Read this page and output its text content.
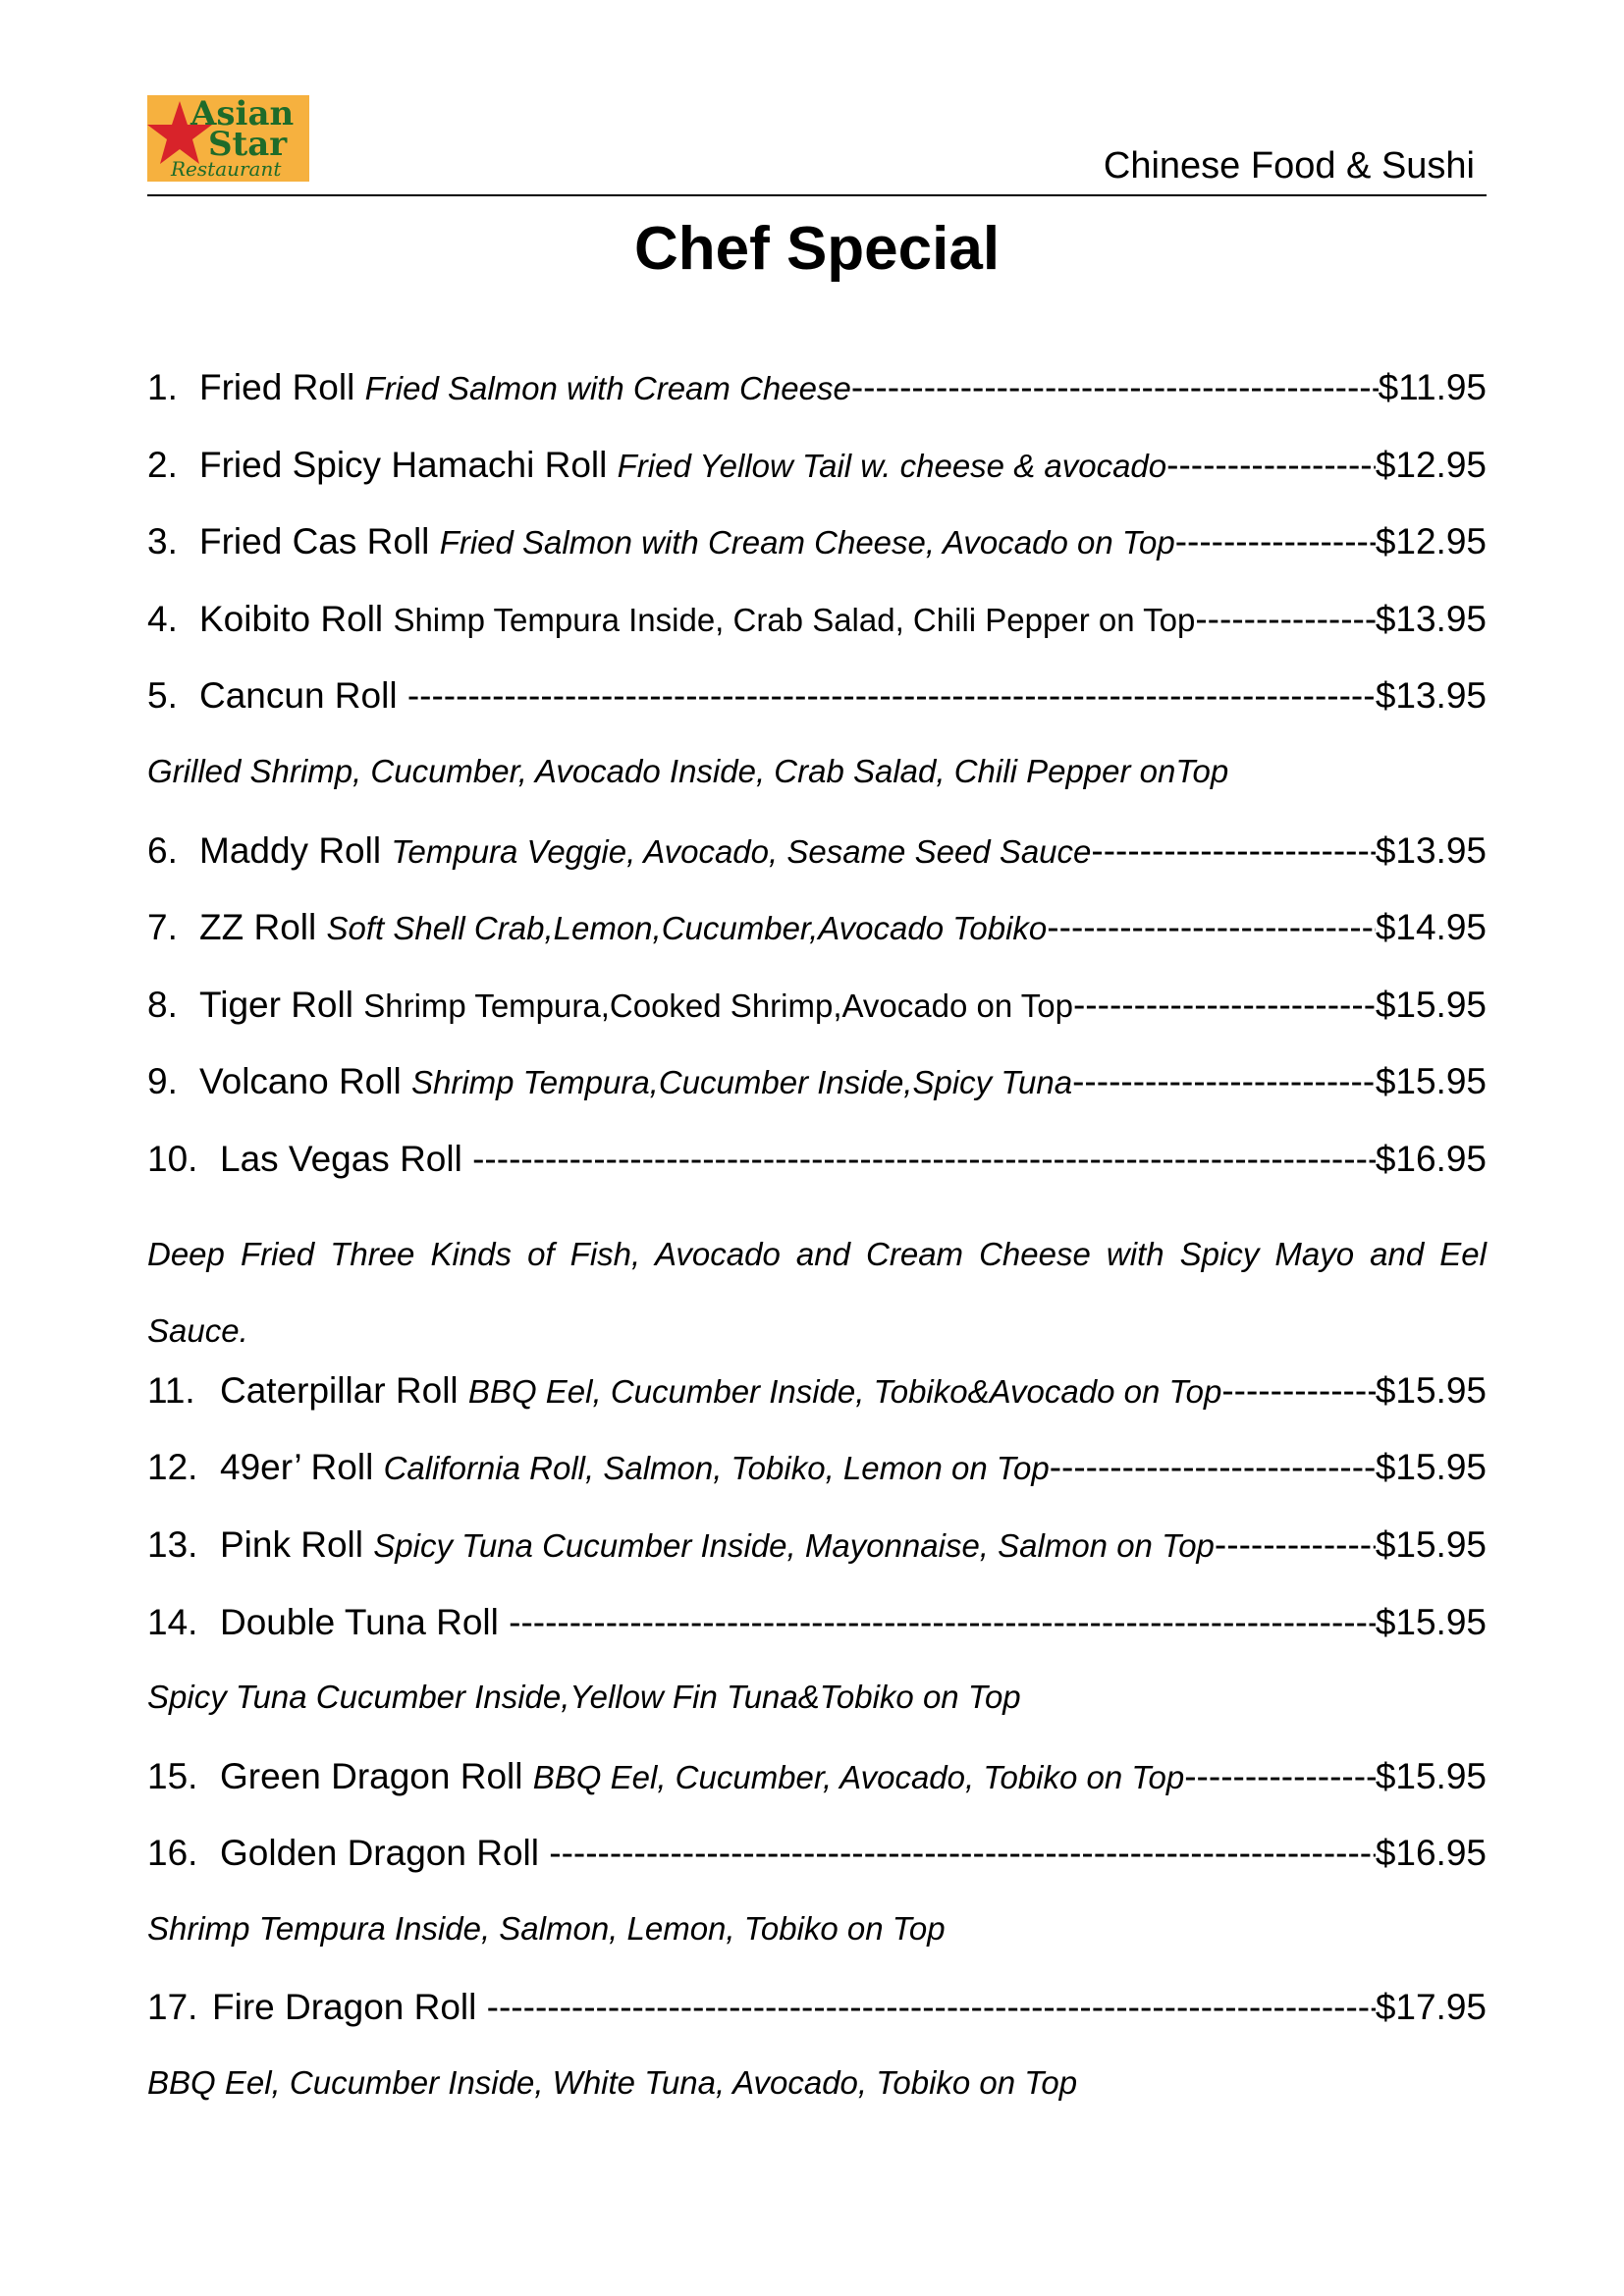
Asian
Star
Restaurant	Chinese Food & Sushi
Chef Special
1. Fried Roll
Fried Salmon with Cream Cheese -----	$11.95
2. Fried Spicy Hamachi Roll
Fried Yellow Tail w. cheese & avocado -----	$12.95
3. Fried Cas Roll
Fried Salmon with Cream Cheese, Avocado on Top -----	$12.95
4. Koibito Roll
Shimp Tempura Inside, Crab Salad, Chili Pepper on Top -----	$13.95
5. Cancun Roll
-----	$13.95
Grilled Shrimp, Cucumber, Avocado Inside, Crab Salad, Chili Pepper onTop
6. Maddy Roll
Tempura Veggie, Avocado, Sesame Seed Sauce -----	$13.95
7. ZZ Roll
Soft Shell Crab,Lemon,Cucumber,Avocado Tobiko -----	$14.95
8. Tiger Roll
Shrimp Tempura,Cooked Shrimp,Avocado on Top -----	$15.95
9. Volcano Roll
Shrimp Tempura,Cucumber Inside,Spicy Tuna -----	$15.95
10. Las Vegas Roll
-----	$16.95
Deep Fried Three Kinds of Fish, Avocado and Cream Cheese with Spicy Mayo and Eel Sauce.
11. Caterpillar Roll
BBQ Eel, Cucumber Inside, Tobiko&Avocado on Top -----	$15.95
12. 49er’ Roll
California Roll, Salmon, Tobiko, Lemon on Top -----	$15.95
13. Pink Roll
Spicy Tuna Cucumber Inside, Mayonnaise, Salmon on Top -----	$15.95
14. Double Tuna Roll
-----	$15.95
Spicy Tuna Cucumber Inside,Yellow Fin Tuna&Tobiko on Top
15. Green Dragon Roll
BBQ Eel, Cucumber, Avocado, Tobiko on Top -----	$15.95
16. Golden Dragon Roll
-----	$16.95
Shrimp Tempura Inside, Salmon, Lemon, Tobiko on Top
17. Fire Dragon Roll
-----	$17.95
BBQ Eel, Cucumber Inside, White Tuna, Avocado, Tobiko on Top
